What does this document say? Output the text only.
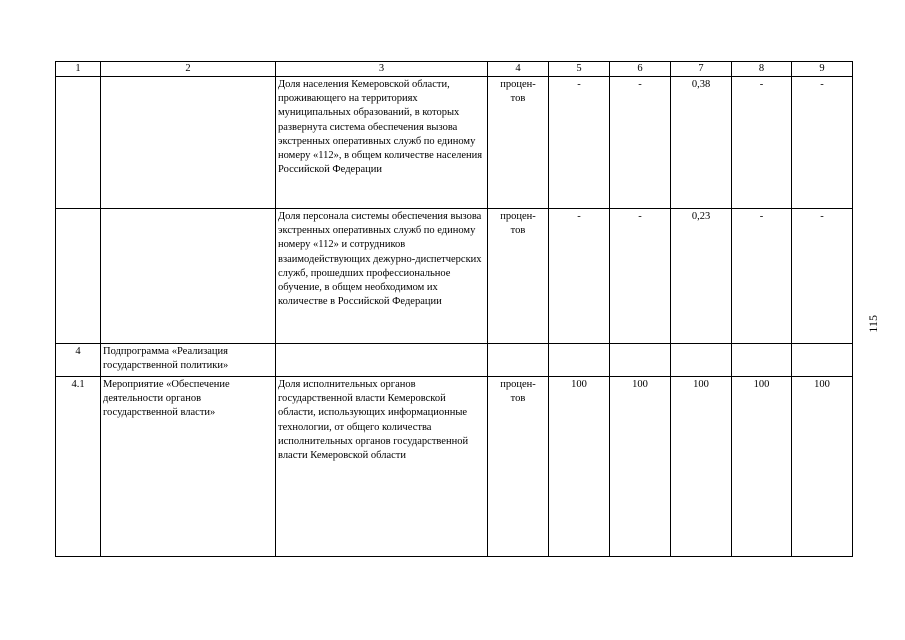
1	2	3	4	5	6	7	8	9
		Доля населения Кемеровской области, проживающего на территориях муниципальных образований, в которых развернута система обеспечения вызова экстренных оперативных служб по единому номеру «112», в общем количестве населения Российской Федерации	процен-
тов	-	-	0,38	-	-
		Доля персонала системы обеспечения вызова экстренных оперативных служб по единому номеру «112» и сотрудников взаимодействующих дежурно-диспетчерских служб, прошедших профессиональное обучение, в общем необходимом их количестве в Российской Федерации	процен-
тов	-	-	0,23	-	-
4	Подпрограмма «Реализация государственной политики»		

4.1	Мероприятие «Обеспечение деятельности органов государственной власти»	Доля исполнительных органов государственной власти Кемеровской области, использующих информационные технологии, от общего количества исполнительных органов государственной власти Кемеровской области	процен-
тов	100	100	100	100	100
115
